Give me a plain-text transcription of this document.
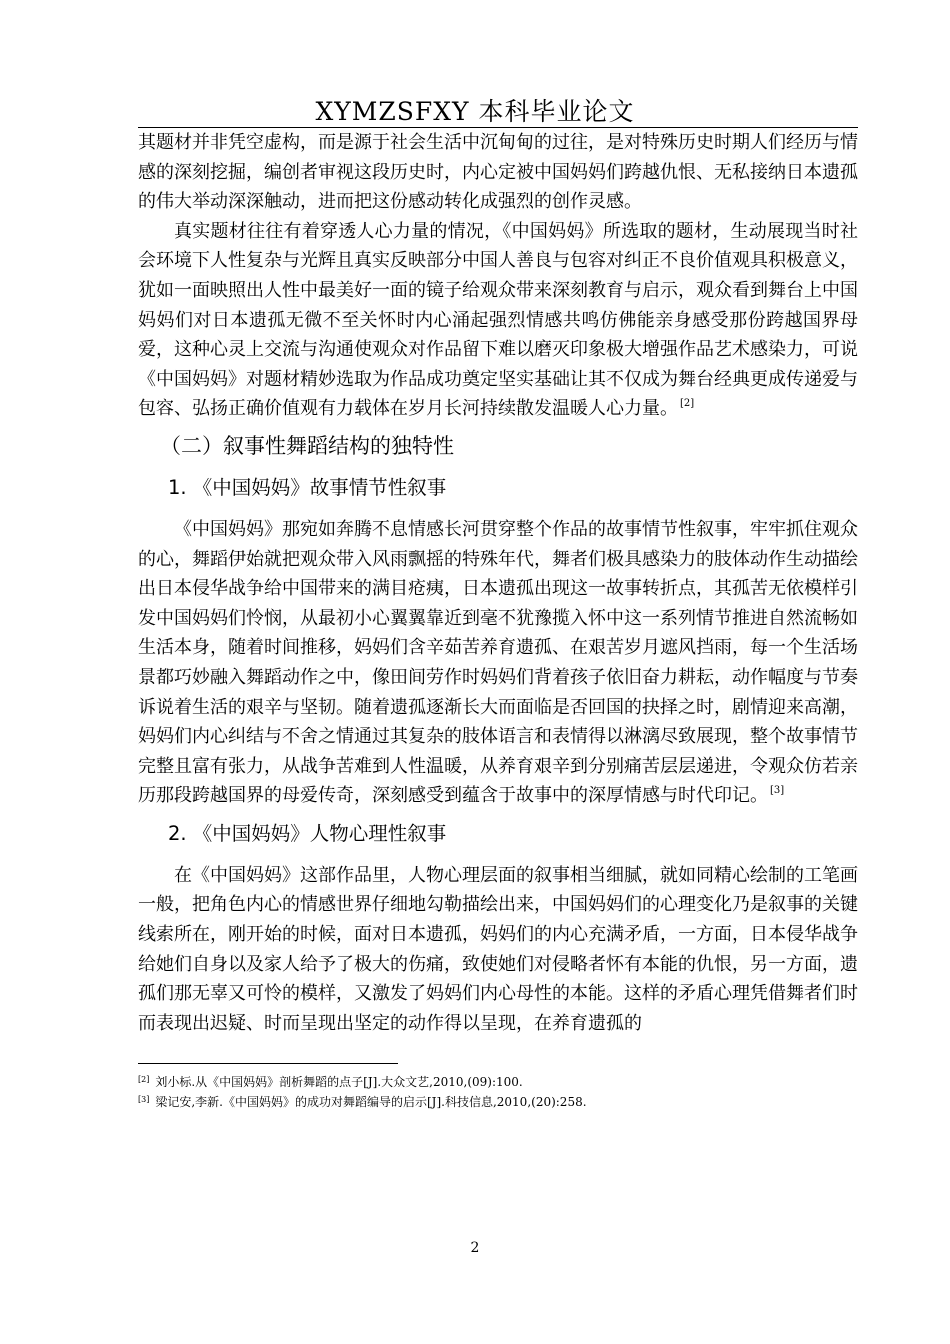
XYMZSFXY 本科毕业论文

其题材并非凭空虚构，而是源于社会生活中沉甸甸的过往，是对特殊历史时期人们经历与情感的深刻挖掘，编创者审视这段历史时，内心定被中国妈妈们跨越仇恨、无私接纳日本遗孤的伟大举动深深触动，进而把这份感动转化成强烈的创作灵感。

真实题材往往有着穿透人心力量的情况，《中国妈妈》所选取的题材，生动展现当时社会环境下人性复杂与光辉且真实反映部分中国人善良与包容对纠正不良价值观具积极意义，犹如一面映照出人性中最美好一面的镜子给观众带来深刻教育与启示，观众看到舞台上中国妈妈们对日本遗孤无微不至关怀时内心涌起强烈情感共鸣仿佛能亲身感受那份跨越国界母爱，这种心灵上交流与沟通使观众对作品留下难以磨灭印象极大增强作品艺术感染力，可说《中国妈妈》对题材精妙选取为作品成功奠定坚实基础让其不仅成为舞台经典更成传递爱与包容、弘扬正确价值观有力载体在岁月长河持续散发温暖人心力量。 [2]

（二）叙事性舞蹈结构的独特性
1. 《中国妈妈》故事情节性叙事

《中国妈妈》那宛如奔腾不息情感长河贯穿整个作品的故事情节性叙事，牢牢抓住观众的心，舞蹈伊始就把观众带入风雨飘摇的特殊年代，舞者们极具感染力的肢体动作生动描绘出日本侵华战争给中国带来的满目疮痍，日本遗孤出现这一故事转折点，其孤苦无依模样引发中国妈妈们怜悯，从最初小心翼翼靠近到毫不犹豫揽入怀中这一系列情节推进自然流畅如生活本身，随着时间推移，妈妈们含辛茹苦养育遗孤、在艰苦岁月遮风挡雨，每一个生活场景都巧妙融入舞蹈动作之中，像田间劳作时妈妈们背着孩子依旧奋力耕耘，动作幅度与节奏诉说着生活的艰辛与坚韧。随着遗孤逐渐长大而面临是否回国的抉择之时，剧情迎来高潮，妈妈们内心纠结与不舍之情通过其复杂的肢体语言和表情得以淋漓尽致展现，整个故事情节完整且富有张力，从战争苦难到人性温暖，从养育艰辛到分别痛苦层层递进，令观众仿若亲历那段跨越国界的母爱传奇，深刻感受到蕴含于故事中的深厚情感与时代印记。 [3]

2. 《中国妈妈》人物心理性叙事

在《中国妈妈》这部作品里，人物心理层面的叙事相当细腻，就如同精心绘制的工笔画一般，把角色内心的情感世界仔细地勾勒描绘出来，中国妈妈们的心理变化乃是叙事的关键线索所在，刚开始的时候，面对日本遗孤，妈妈们的内心充满矛盾，一方面，日本侵华战争给她们自身以及家人给予了极大的伤痛，致使她们对侵略者怀有本能的仇恨，另一方面，遗孤们那无辜又可怜的模样，又激发了妈妈们内心母性的本能。这样的矛盾心理凭借舞者们时而表现出迟疑、时而呈现出坚定的动作得以呈现，在养育遗孤的

[2] 刘小标.从《中国妈妈》剖析舞蹈的点子[J].大众文艺,2010,(09):100.

[3] 梁记安,李新.《中国妈妈》的成功对舞蹈编导的启示[J].科技信息,2010,(20):258.

2
